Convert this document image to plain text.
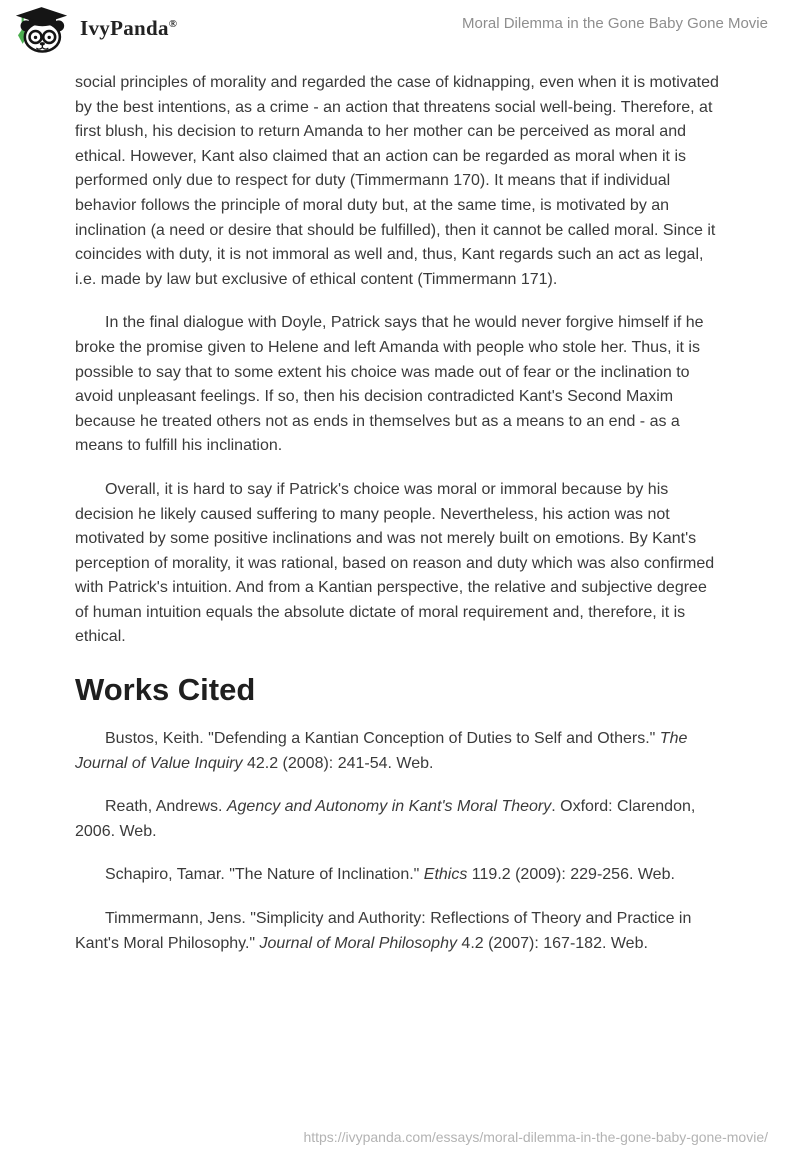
IvyPanda®	Moral Dilemma in the Gone Baby Gone Movie

social principles of morality and regarded the case of kidnapping, even when it is motivated by the best intentions, as a crime - an action that threatens social well-being. Therefore, at first blush, his decision to return Amanda to her mother can be perceived as moral and ethical. However, Kant also claimed that an action can be regarded as moral when it is performed only due to respect for duty (Timmermann 170). It means that if individual behavior follows the principle of moral duty but, at the same time, is motivated by an inclination (a need or desire that should be fulfilled), then it cannot be called moral. Since it coincides with duty, it is not immoral as well and, thus, Kant regards such an act as legal, i.e. made by law but exclusive of ethical content (Timmermann 171).

In the final dialogue with Doyle, Patrick says that he would never forgive himself if he broke the promise given to Helene and left Amanda with people who stole her. Thus, it is possible to say that to some extent his choice was made out of fear or the inclination to avoid unpleasant feelings. If so, then his decision contradicted Kant's Second Maxim because he treated others not as ends in themselves but as a means to an end - as a means to fulfill his inclination.

Overall, it is hard to say if Patrick's choice was moral or immoral because by his decision he likely caused suffering to many people. Nevertheless, his action was not motivated by some positive inclinations and was not merely built on emotions. By Kant's perception of morality, it was rational, based on reason and duty which was also confirmed with Patrick's intuition. And from a Kantian perspective, the relative and subjective degree of human intuition equals the absolute dictate of moral requirement and, therefore, it is ethical.

Works Cited

Bustos, Keith. "Defending a Kantian Conception of Duties to Self and Others." The Journal of Value Inquiry 42.2 (2008): 241-54. Web.

Reath, Andrews. Agency and Autonomy in Kant's Moral Theory. Oxford: Clarendon, 2006. Web.

Schapiro, Tamar. "The Nature of Inclination." Ethics 119.2 (2009): 229-256. Web.

Timmermann, Jens. "Simplicity and Authority: Reflections of Theory and Practice in Kant's Moral Philosophy." Journal of Moral Philosophy 4.2 (2007): 167-182. Web.

https://ivypanda.com/essays/moral-dilemma-in-the-gone-baby-gone-movie/
